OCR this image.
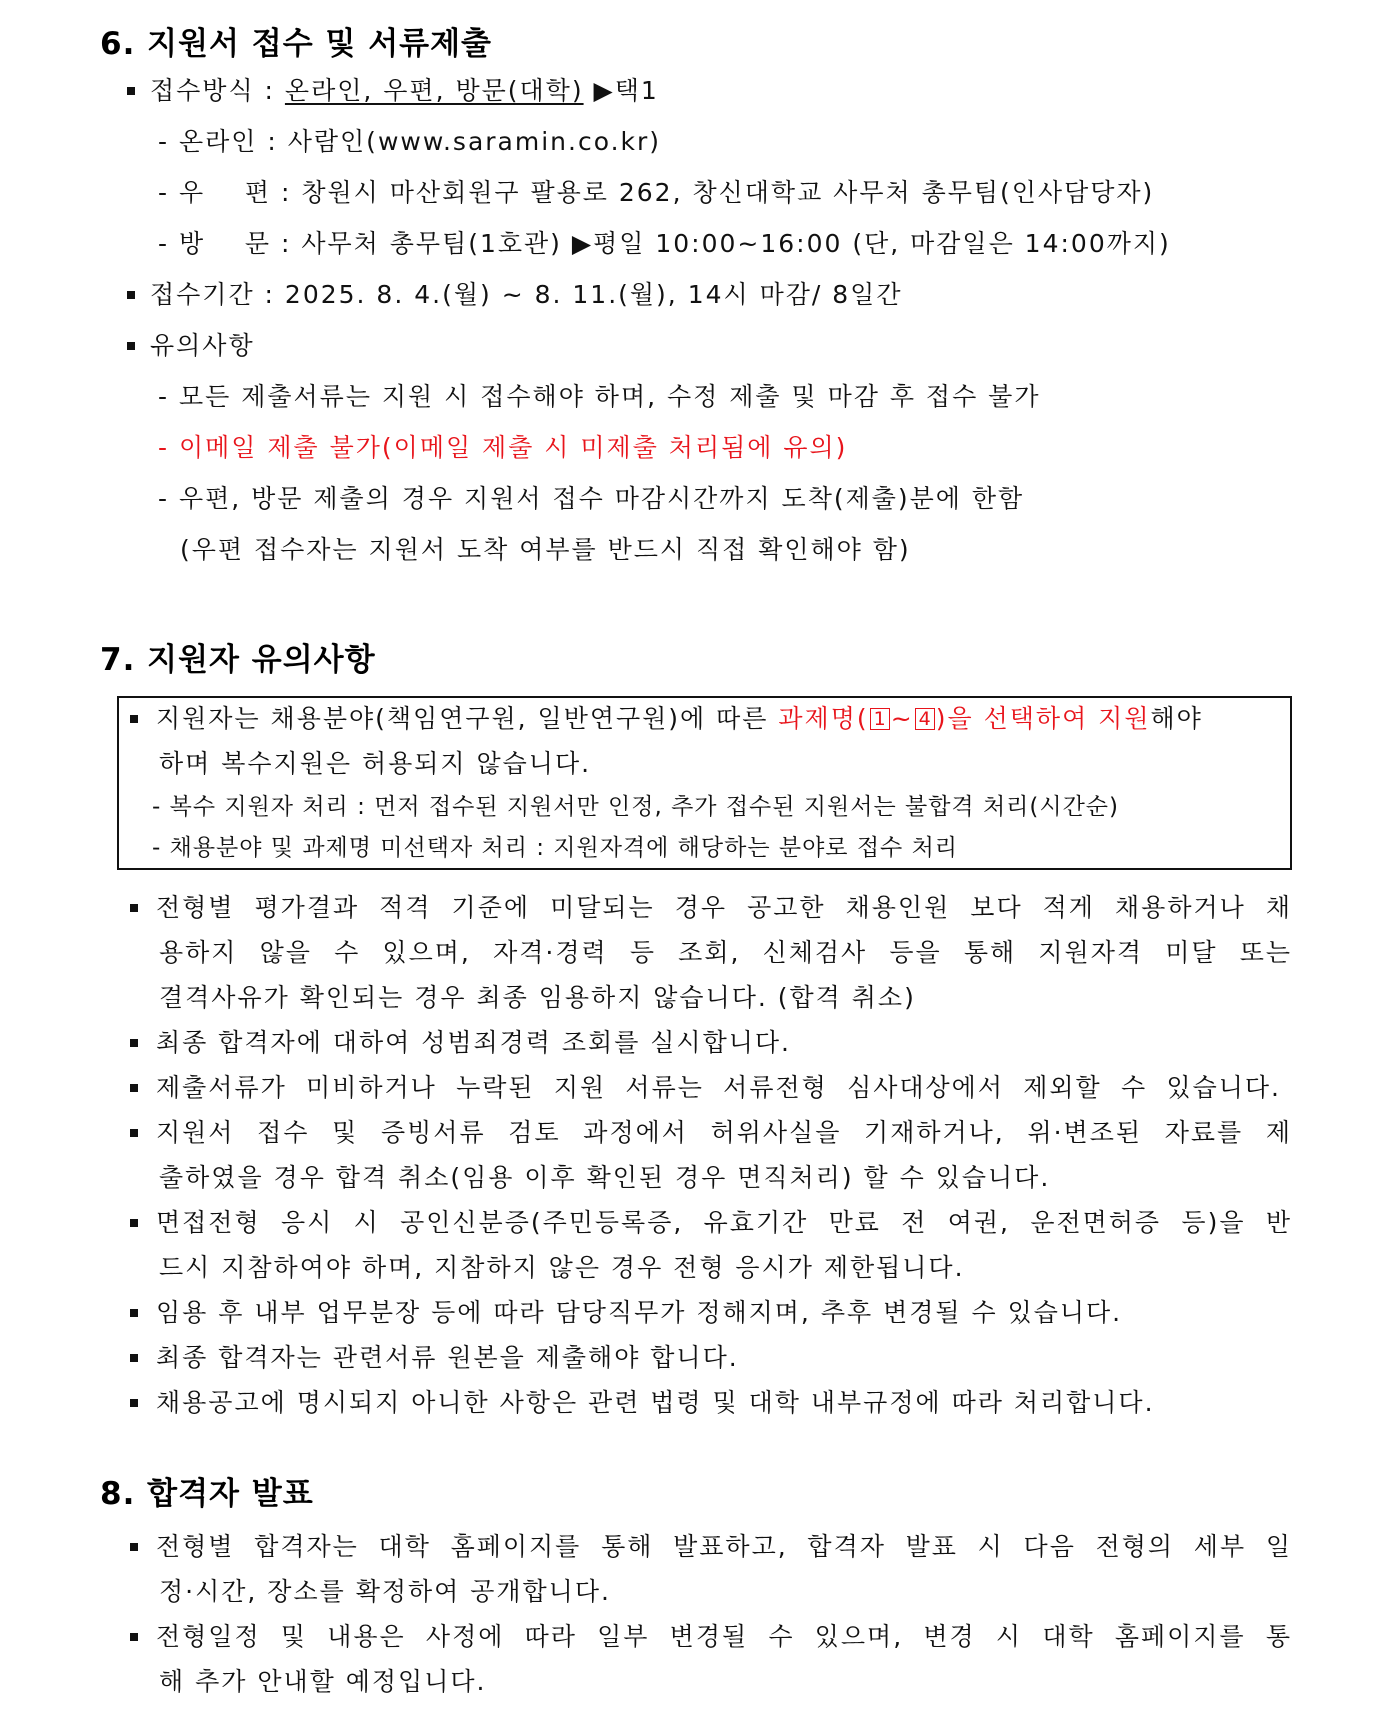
6. 지원서 접수 및 서류제출
접수방식 : 온라인, 우편, 방문(대학) ▶택1
- 온라인 : 사람인(www.saramin.co.kr)
- 우    편 : 창원시 마산회원구 팔용로 262, 창신대학교 사무처 총무팀(인사담당자)
- 방    문 : 사무처 총무팀(1호관) ▶평일 10:00~16:00 (단, 마감일은 14:00까지)
접수기간 : 2025. 8. 4.(월) ~ 8. 11.(월), 14시 마감/ 8일간
유의사항
- 모든 제출서류는 지원 시 접수해야 하며, 수정 제출 및 마감 후 접수 불가
- 이메일 제출 불가(이메일 제출 시 미제출 처리됨에 유의)
- 우편, 방문 제출의 경우 지원서 접수 마감시간까지 도착(제출)분에 한함
(우편 접수자는 지원서 도착 여부를 반드시 직접 확인해야 함)
7. 지원자 유의사항
지원자는 채용분야(책임연구원, 일반연구원)에 따른 과제명( 1 ~ 4 )을 선택하여 지원해야
하며 복수지원은 허용되지 않습니다.
- 복수 지원자 처리 : 먼저 접수된 지원서만 인정, 추가 접수된 지원서는 불합격 처리(시간순)
- 채용분야 및 과제명 미선택자 처리 : 지원자격에 해당하는 분야로 접수 처리
전형별 평가결과 적격 기준에 미달되는 경우 공고한 채용인원 보다 적게 채용하거나 채
용하지 않을 수 있으며, 자격·경력 등 조회, 신체검사 등을 통해 지원자격 미달 또는
결격사유가 확인되는 경우 최종 임용하지 않습니다. (합격 취소)
최종 합격자에 대하여 성범죄경력 조회를 실시합니다.
제출서류가 미비하거나 누락된 지원 서류는 서류전형 심사대상에서 제외할 수 있습니다.
지원서 접수 및 증빙서류 검토 과정에서 허위사실을 기재하거나, 위·변조된 자료를 제
출하였을 경우 합격 취소(임용 이후 확인된 경우 면직처리) 할 수 있습니다.
면접전형 응시 시 공인신분증(주민등록증, 유효기간 만료 전 여권, 운전면허증 등)을 반
드시 지참하여야 하며, 지참하지 않은 경우 전형 응시가 제한됩니다.
임용 후 내부 업무분장 등에 따라 담당직무가 정해지며, 추후 변경될 수 있습니다.
최종 합격자는 관련서류 원본을 제출해야 합니다.
채용공고에 명시되지 아니한 사항은 관련 법령 및 대학 내부규정에 따라 처리합니다.
8. 합격자 발표
전형별 합격자는 대학 홈페이지를 통해 발표하고, 합격자 발표 시 다음 전형의 세부 일
정·시간, 장소를 확정하여 공개합니다.
전형일정 및 내용은 사정에 따라 일부 변경될 수 있으며, 변경 시 대학 홈페이지를 통
해 추가 안내할 예정입니다.
